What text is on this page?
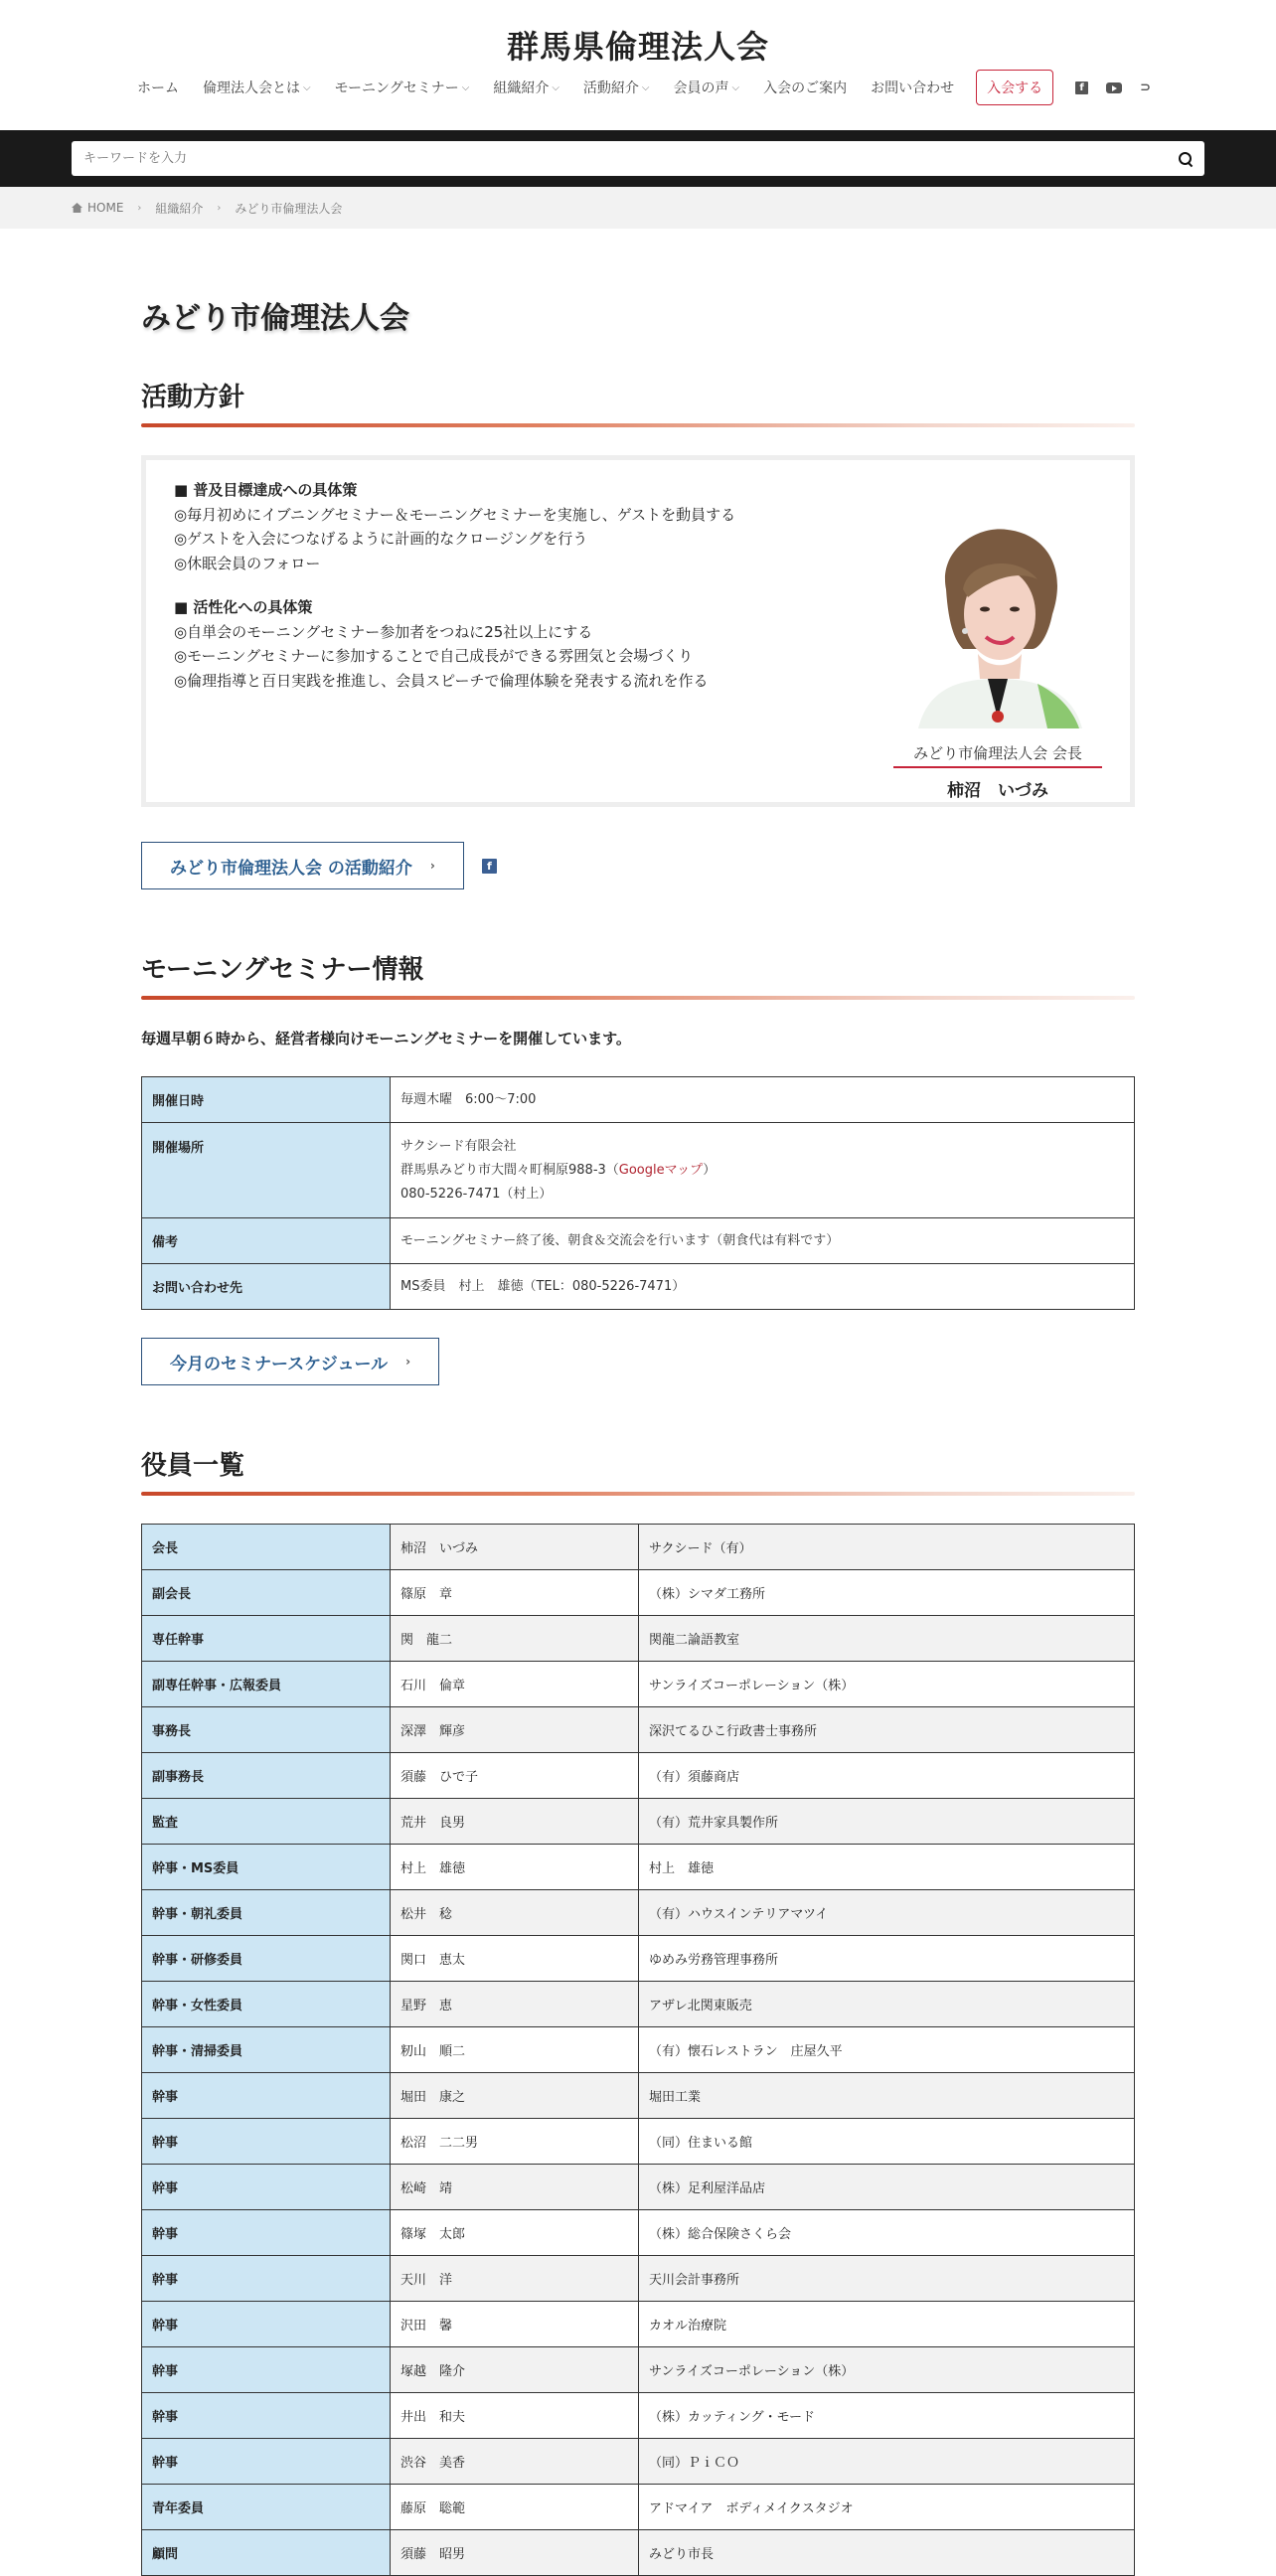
群馬県倫理法人会
ホーム 倫理法人会とは ⌵ モーニングセミナー ⌵ 組織紹介 ⌵ 活動紹介 ⌵ 会員の声 ⌵ 入会のご案内 お問い合わせ	入会する	f	⊃
キーワードを入力
HOME › 組織紹介 › みどり市倫理法人会
みどり市倫理法人会
活動方針
■ 普及目標達成への具体策
◎毎月初めにイブニングセミナー＆モーニングセミナーを実施し、ゲストを動員する
◎ゲストを入会につなげるように計画的なクロージングを行う
◎休眠会員のフォロー
■ 活性化への具体策
◎自単会のモーニングセミナー参加者をつねに25社以上にする
◎モーニングセミナーに参加することで自己成長ができる雰囲気と会場づくり
◎倫理指導と百日実践を推進し、会員スピーチで倫理体験を発表する流れを作る
みどり市倫理法人会 会長
柿沼　いづみ
みどり市倫理法人会 の活動紹介 ›	f
モーニングセミナー情報

毎週早朝６時から、経営者様向けモーニングセミナーを開催しています。

開催日時	毎週木曜　6:00～7:00
開催場所	サクシード有限会社
群馬県みどり市大間々町桐原988-3（Googleマップ）
080-5226-7471（村上）

備考	モーニングセミナー終了後、朝食＆交流会を行います（朝食代は有料です）
お問い合わせ先	MS委員　村上　雄徳（TEL：080-5226-7471）
今月のセミナースケジュール ›
役員一覧
会長	柿沼　いづみ	サクシード（有）
副会長	篠原　章	（株）シマダ工務所
専任幹事	関　龍二	関龍二論語教室
副専任幹事・広報委員	石川　倫章	サンライズコーポレーション（株）
事務長	深澤　輝彦	深沢てるひこ行政書士事務所
副事務長	須藤　ひで子	（有）須藤商店
監査	荒井　良男	（有）荒井家具製作所
幹事・MS委員	村上　雄徳	村上　雄徳
幹事・朝礼委員	松井　稔	（有）ハウスインテリアマツイ
幹事・研修委員	関口　恵太	ゆめみ労務管理事務所
幹事・女性委員	星野　恵	アザレ北関東販売
幹事・清掃委員	籾山　順二	（有）懐石レストラン　庄屋久平
幹事	堀田　康之	堀田工業
幹事	松沼　二二男	（同）住まいる館
幹事	松崎　靖	（株）足利屋洋品店
幹事	篠塚　太郎	（株）総合保険さくら会
幹事	天川　洋	天川会計事務所
幹事	沢田　馨	カオル治療院
幹事	塚越　隆介	サンライズコーポレーション（株）
幹事	井出　和夫	（株）カッティング・モード
幹事	渋谷　美香	（同）ＰｉＣＯ
青年委員	藤原　聡範	アドマイア　ボディメイクスタジオ
顧問	須藤　昭男	みどり市長
